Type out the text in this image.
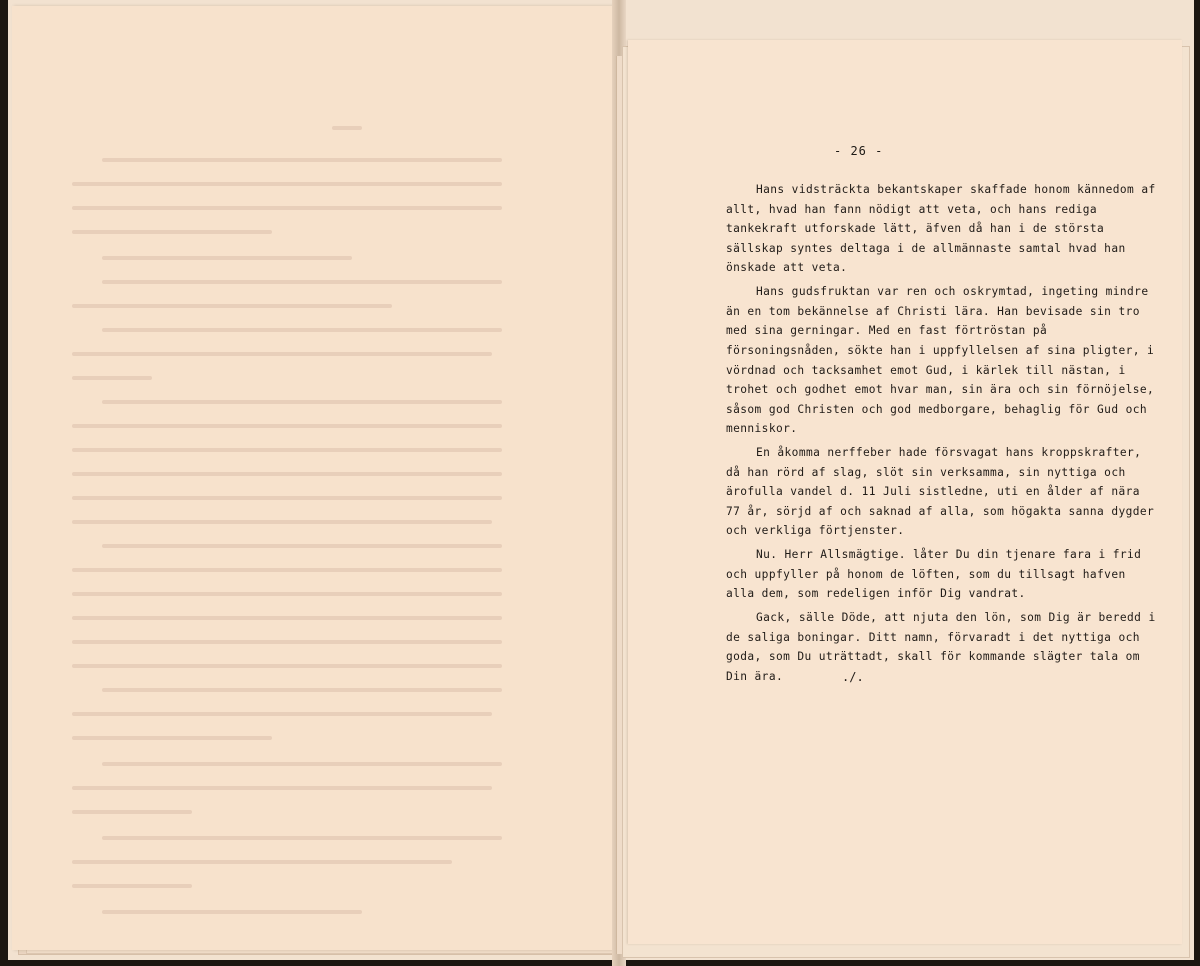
- 26 -

Hans vidsträckta bekantskaper skaffade honom kännedom af allt, hvad han fann nödigt att veta, och hans rediga tankekraft utforskade lätt, äfven då han i de största sällskap syntes deltaga i de allmännaste samtal hvad han önskade att veta.

Hans gudsfruktan var ren och oskrymtad, ingeting mindre än en tom bekännelse af Christi lära. Han bevisade sin tro med sina gerningar. Med en fast förtröstan på försoningsnåden, sökte han i uppfyllelsen af sina pligter, i vördnad och tacksamhet emot Gud, i kärlek till nästan, i trohet och godhet emot hvar man, sin ära och sin förnöjelse, såsom god Christen och god medborgare, behaglig för Gud och menniskor.

En åkomma nerffeber hade försvagat hans kroppskrafter, då han rörd af slag, slöt sin verksamma, sin nyttiga och ärofulla vandel d. 11 Juli sistledne, uti en ålder af nära 77 år, sörjd af och saknad af alla, som högakta sanna dygder och verkliga förtjenster.

Nu. Herr Allsmägtige. låter Du din tjenare fara i frid och uppfyller på honom de löften, som du tillsagt hafven alla dem, som redeligen inför Dig vandrat.

Gack, sälle Döde, att njuta den lön, som Dig är beredd i de saliga boningar. Ditt namn, förvaradt i det nyttiga och goda, som Du uträttadt, skall för kommande slägter tala om Din ära.	./.
